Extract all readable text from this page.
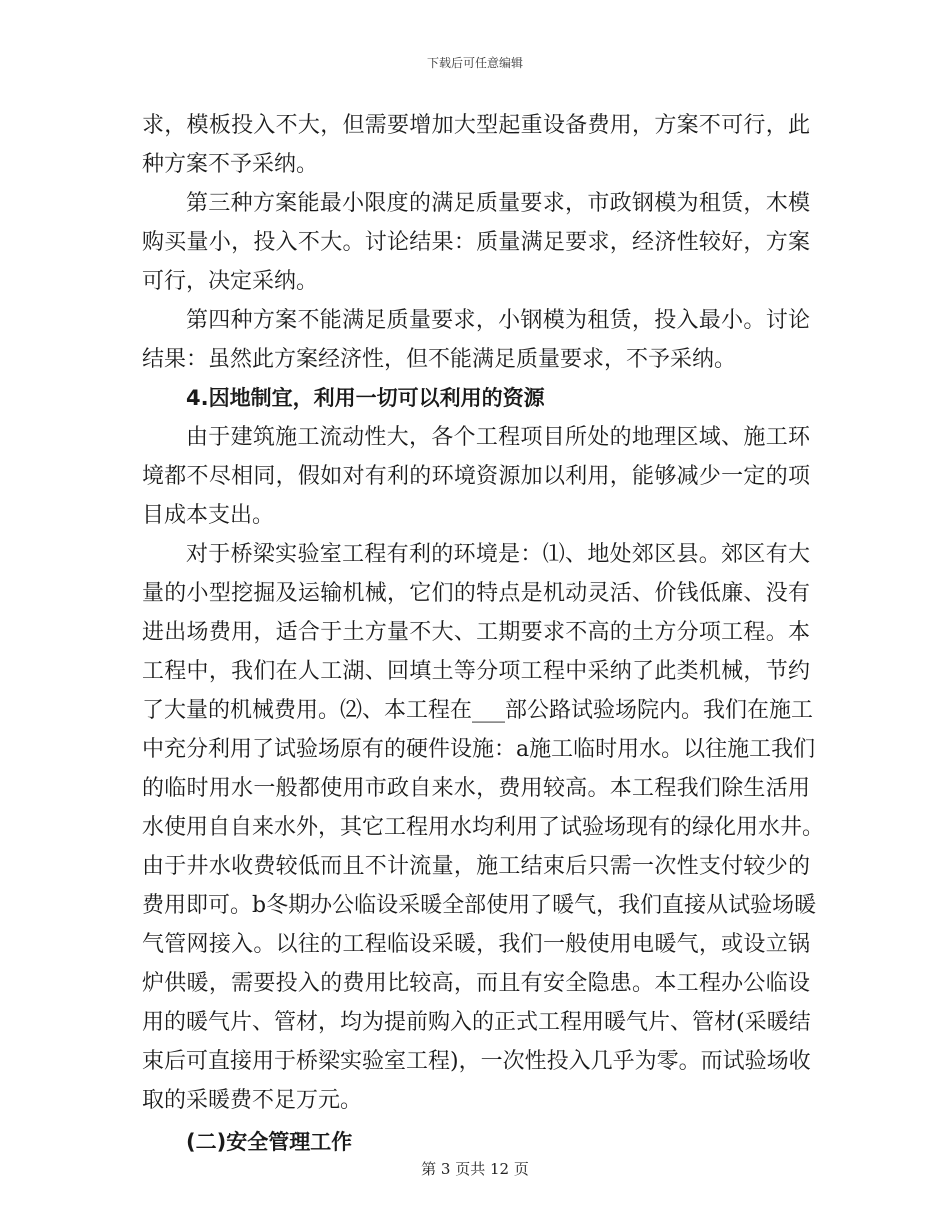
下载后可任意编辑
求，模板投入不大，但需要增加大型起重设备费用，方案不可行，此
种方案不予采纳。
第三种方案能最小限度的满足质量要求，市政钢模为租赁，木模
购买量小，投入不大。讨论结果：质量满足要求，经济性较好，方案
可行，决定采纳。
第四种方案不能满足质量要求，小钢模为租赁，投入最小。讨论
结果：虽然此方案经济性，但不能满足质量要求，不予采纳。
4.因地制宜，利用一切可以利用的资源
由于建筑施工流动性大，各个工程项目所处的地理区域、施工环
境都不尽相同，假如对有利的环境资源加以利用，能够减少一定的项
目成本支出。
对于桥梁实验室工程有利的环境是：⑴、地处郊区县。郊区有大
量的小型挖掘及运输机械，它们的特点是机动灵活、价钱低廉、没有
进出场费用，适合于土方量不大、工期要求不高的土方分项工程。本
工程中，我们在人工湖、回填土等分项工程中采纳了此类机械，节约
了大量的机械费用。⑵、本工程在___部公路试验场院内。我们在施工
中充分利用了试验场原有的硬件设施：a施工临时用水。以往施工我们
的临时用水一般都使用市政自来水，费用较高。本工程我们除生活用
水使用自自来水外，其它工程用水均利用了试验场现有的绿化用水井。
由于井水收费较低而且不计流量，施工结束后只需一次性支付较少的
费用即可。b冬期办公临设采暖全部使用了暖气，我们直接从试验场暖
气管网接入。以往的工程临设采暖，我们一般使用电暖气，或设立锅
炉供暖，需要投入的费用比较高，而且有安全隐患。本工程办公临设
用的暖气片、管材，均为提前购入的正式工程用暖气片、管材(采暖结
束后可直接用于桥梁实验室工程)，一次性投入几乎为零。而试验场收
取的采暖费不足万元。
(二)安全管理工作
第 3 页共 12 页
